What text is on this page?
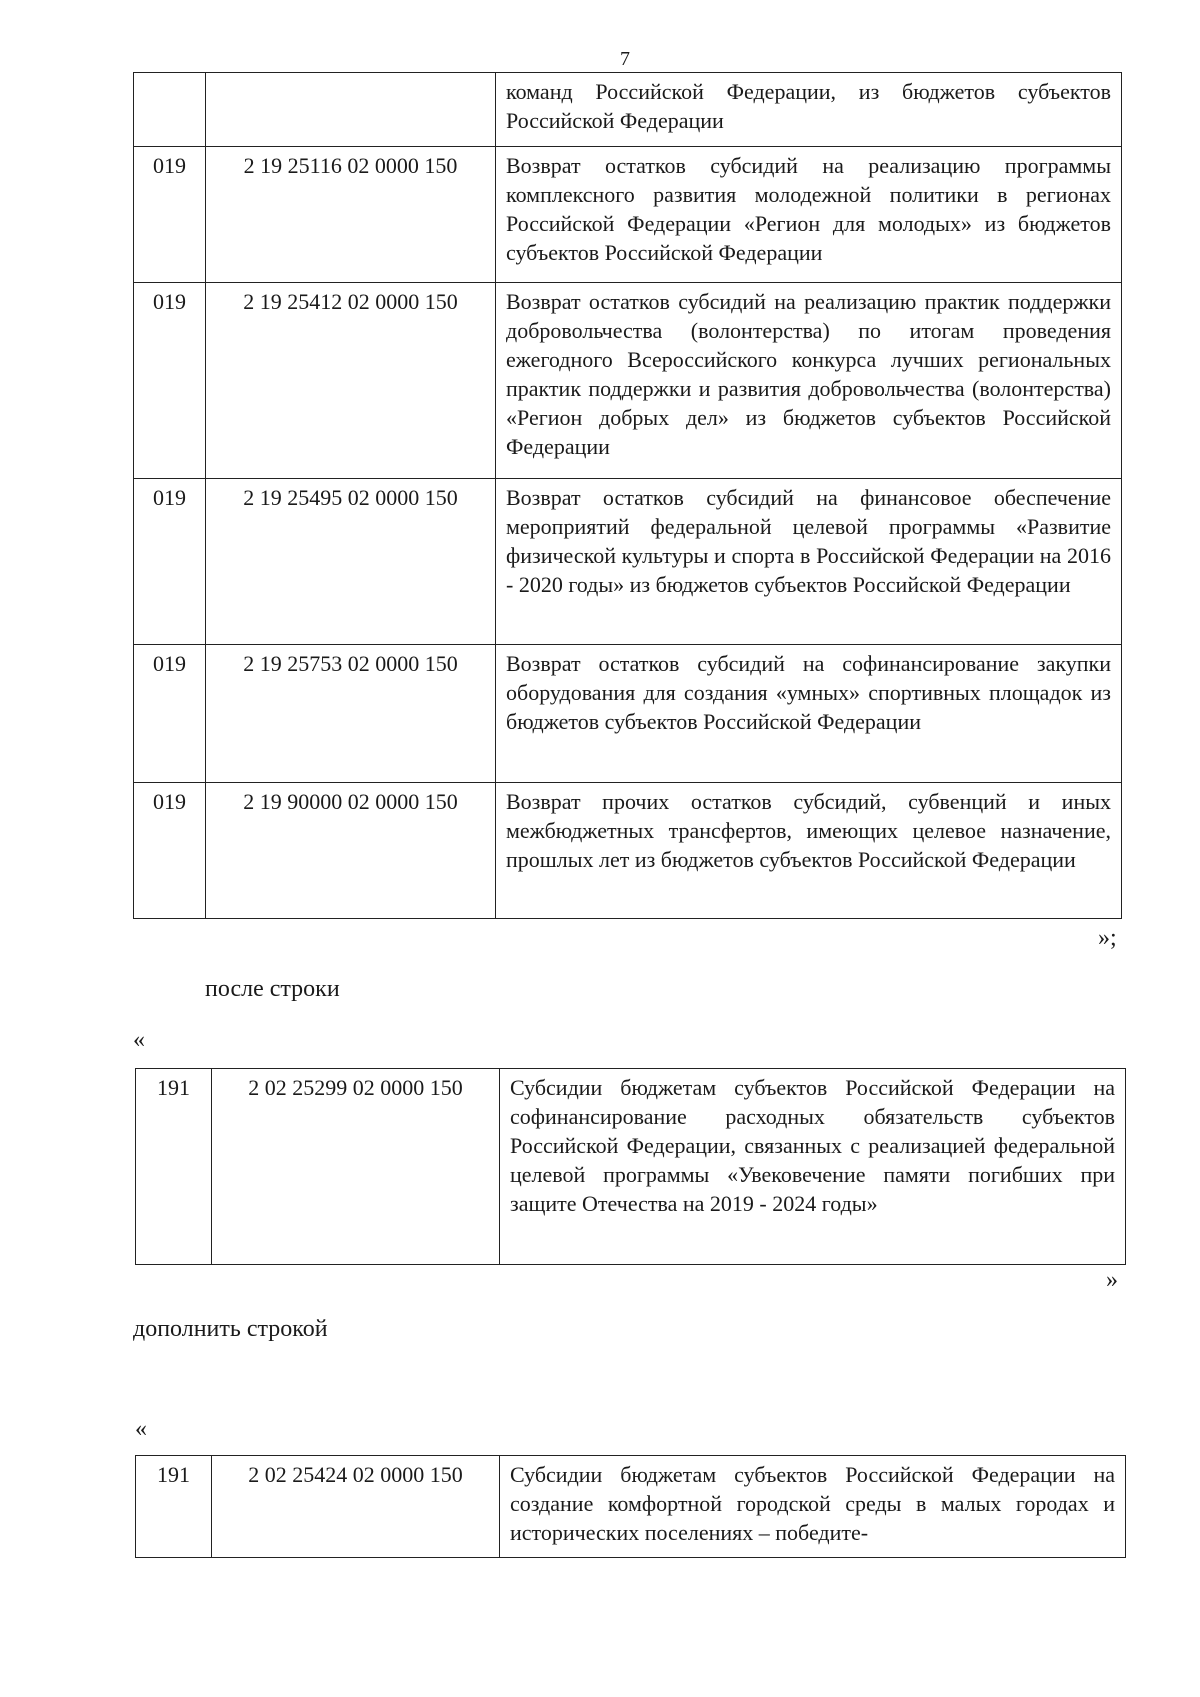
7
		команд Российской Федерации, из бюджетов субъектов Российской Федерации
019	2 19 25116 02 0000 150	Возврат остатков субсидий на реализацию программы комплексного развития молодежной политики в регионах Российской Федерации «Регион для молодых» из бюджетов субъектов Российской Федерации
019	2 19 25412 02 0000 150	Возврат остатков субсидий на реализацию практик поддержки добровольчества (волонтерства) по итогам проведения ежегодного Всероссийского конкурса лучших региональных практик поддержки и развития добровольчества (волонтерства) «Регион добрых дел» из бюджетов субъектов Российской Федерации
019	2 19 25495 02 0000 150	Возврат остатков субсидий на финансовое обеспечение мероприятий федеральной целевой программы «Развитие физической культуры и спорта в Российской Федерации на 2016 - 2020 годы» из бюджетов субъектов Российской Федерации
019	2 19 25753 02 0000 150	Возврат остатков субсидий на софинансирование закупки оборудования для создания «умных» спортивных площадок из бюджетов субъектов Российской Федерации
019	2 19 90000 02 0000 150	Возврат прочих остатков субсидий, субвенций и иных межбюджетных трансфертов, имеющих целевое назначение, прошлых лет из бюджетов субъектов Российской Федерации
»;
после строки
«
191	2 02 25299 02 0000 150	Субсидии бюджетам субъектов Российской Федерации на софинансирование расходных обязательств субъектов Российской Федерации, связанных с реализацией федеральной целевой программы «Увековечение памяти погибших при защите Отечества на 2019 - 2024 годы»
»
дополнить строкой
«
191	2 02 25424 02 0000 150	Субсидии бюджетам субъектов Российской Федерации на создание комфортной городской среды в малых городах и исторических поселениях – победите-
